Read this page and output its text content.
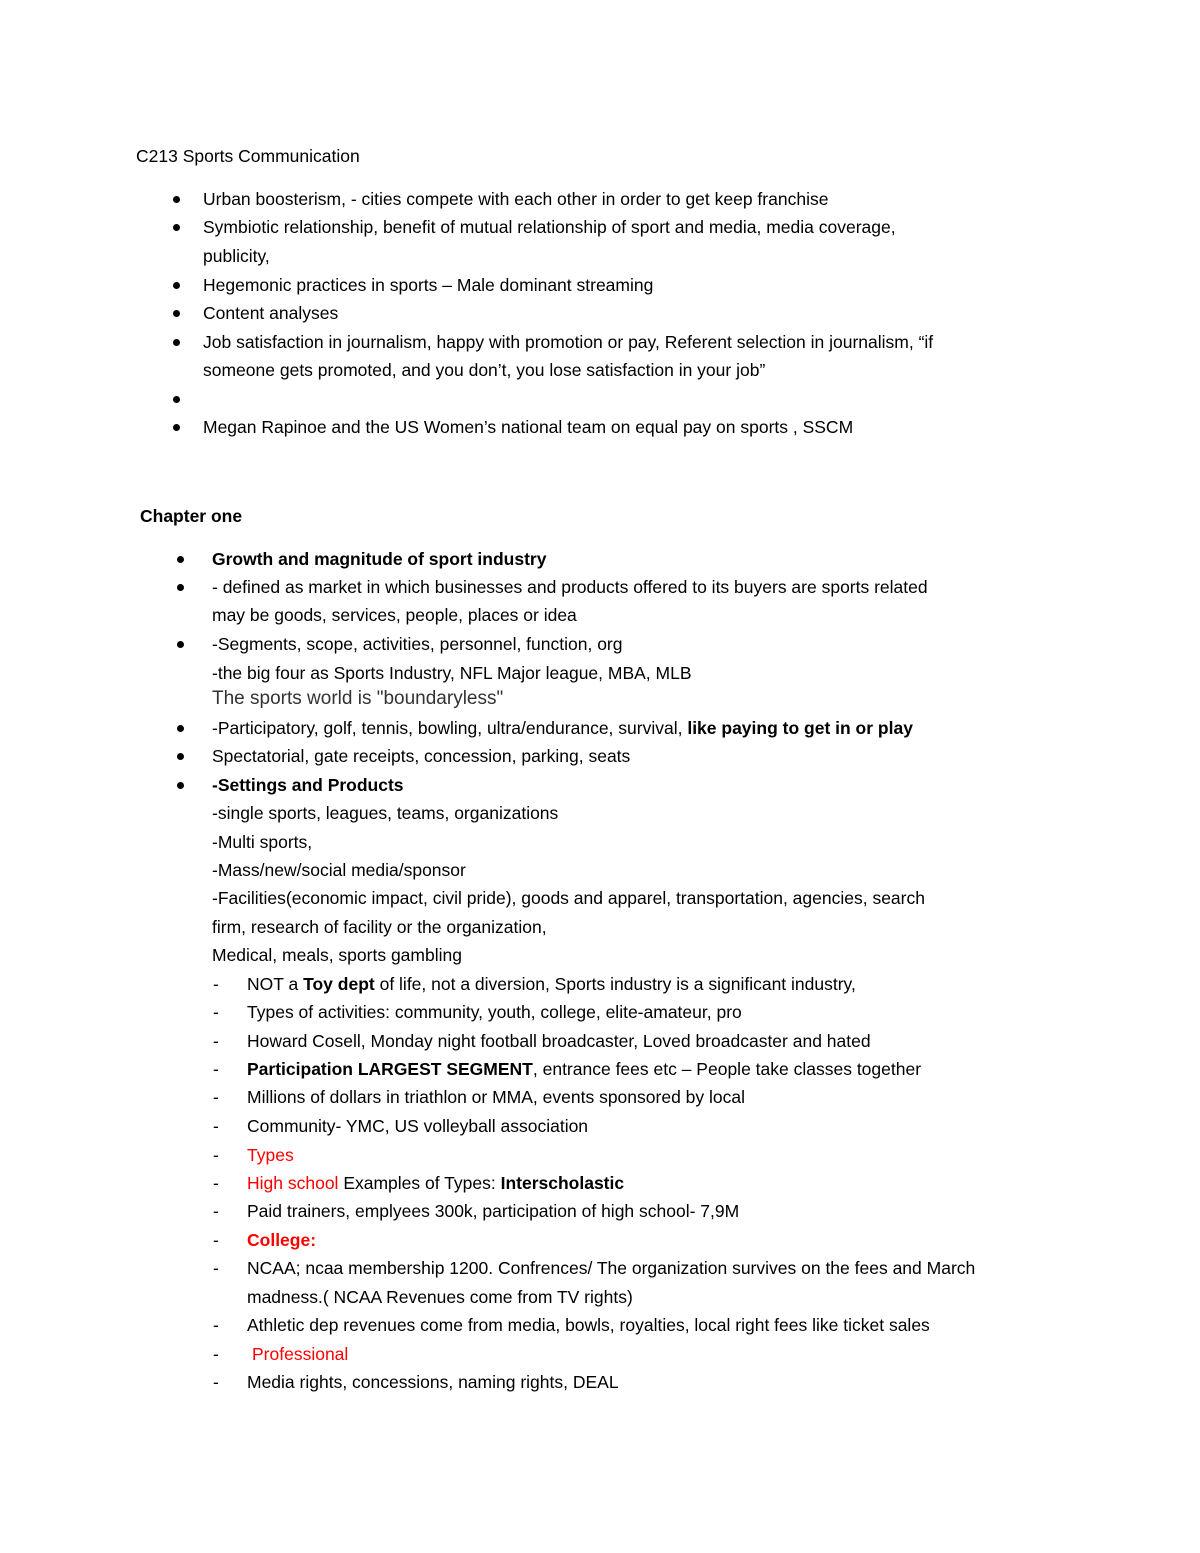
C213 Sports Communication
Urban boosterism, - cities compete with each other in order to get keep franchise
Symbiotic relationship, benefit of mutual relationship of sport and media, media coverage,
publicity,
Hegemonic practices in sports – Male dominant streaming
Content analyses
Job satisfaction in journalism, happy with promotion or pay, Referent selection in journalism, “if
someone gets promoted, and you don’t, you lose satisfaction in your job”
Megan Rapinoe and the US Women’s national team on equal pay on sports , SSCM
Chapter one
Growth and magnitude of sport industry
- defined as market in which businesses and products offered to its buyers are sports related
may be goods, services, people, places or idea
-Segments, scope, activities, personnel, function, org
-the big four as Sports Industry, NFL Major league, MBA, MLB
The sports world is "boundaryless"
-Participatory, golf, tennis, bowling, ultra/endurance, survival, like paying to get in or play
Spectatorial, gate receipts, concession, parking, seats
-Settings and Products
-single sports, leagues, teams, organizations
-Multi sports,
-Mass/new/social media/sponsor
-Facilities(economic impact, civil pride), goods and apparel, transportation, agencies, search
firm, research of facility or the organization,
Medical, meals, sports gambling
- NOT a Toy dept of life, not a diversion, Sports industry is a significant industry,
- Types of activities: community, youth, college, elite-amateur, pro
- Howard Cosell, Monday night football broadcaster, Loved broadcaster and hated
- Participation LARGEST SEGMENT, entrance fees etc – People take classes together
- Millions of dollars in triathlon or MMA, events sponsored by local
- Community- YMC, US volleyball association
- Types
- High school Examples of Types: Interscholastic
- Paid trainers, emplyees 300k, participation of high school- 7,9M
- College:
- NCAA; ncaa membership 1200. Confrences/ The organization survives on the fees and March
madness.( NCAA Revenues come from TV rights)
- Athletic dep revenues come from media, bowls, royalties, local right fees like ticket sales
- Professional
- Media rights, concessions, naming rights, DEAL
